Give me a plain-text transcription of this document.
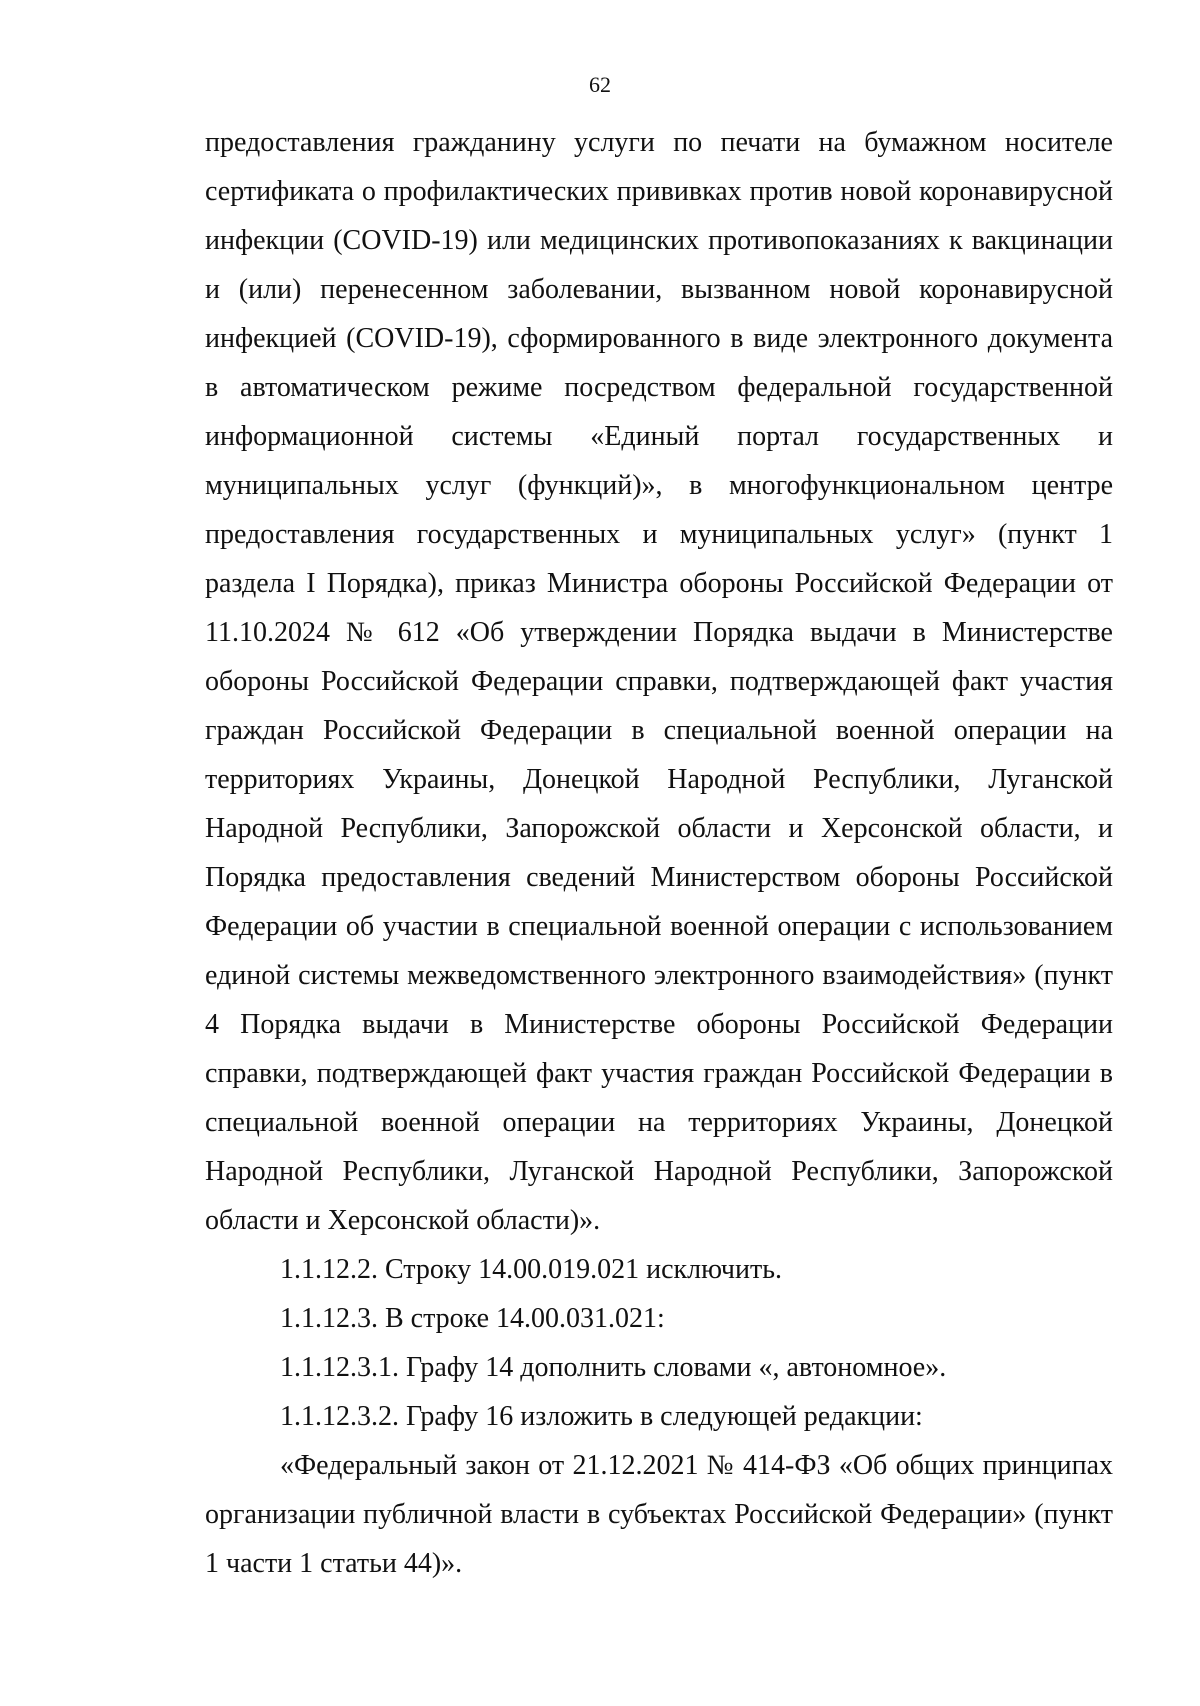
62

предоставления гражданину услуги по печати на бумажном носителе сертификата о профилактических прививках против новой коронавирусной инфекции (COVID-19) или медицинских противопоказаниях к вакцинации и (или) перенесенном заболевании, вызванном новой коронавирусной инфекцией (COVID-19), сформированного в виде электронного документа в автоматическом режиме посредством федеральной государственной информационной системы «Единый портал государственных и муниципальных услуг (функций)», в многофункциональном центре предоставления государственных и муниципальных услуг» (пункт 1 раздела I Порядка), приказ Министра обороны Российской Федерации от 11.10.2024 № 612 «Об утверждении Порядка выдачи в Министерстве обороны Российской Федерации справки, подтверждающей факт участия граждан Российской Федерации в специальной военной операции на территориях Украины, Донецкой Народной Республики, Луганской Народной Республики, Запорожской области и Херсонской области, и Порядка предоставления сведений Министерством обороны Российской Федерации об участии в специальной военной операции с использованием единой системы межведомственного электронного взаимодействия» (пункт 4 Порядка выдачи в Министерстве обороны Российской Федерации справки, подтверждающей факт участия граждан Российской Федерации в специальной военной операции на территориях Украины, Донецкой Народной Республики, Луганской Народной Республики, Запорожской области и Херсонской области)».

1.1.12.2. Строку 14.00.019.021 исключить.

1.1.12.3. В строке 14.00.031.021:

1.1.12.3.1. Графу 14 дополнить словами «, автономное».

1.1.12.3.2. Графу 16 изложить в следующей редакции:

«Федеральный закон от 21.12.2021 № 414-ФЗ «Об общих принципах организации публичной власти в субъектах Российской Федерации» (пункт 1 части 1 статьи 44)».
